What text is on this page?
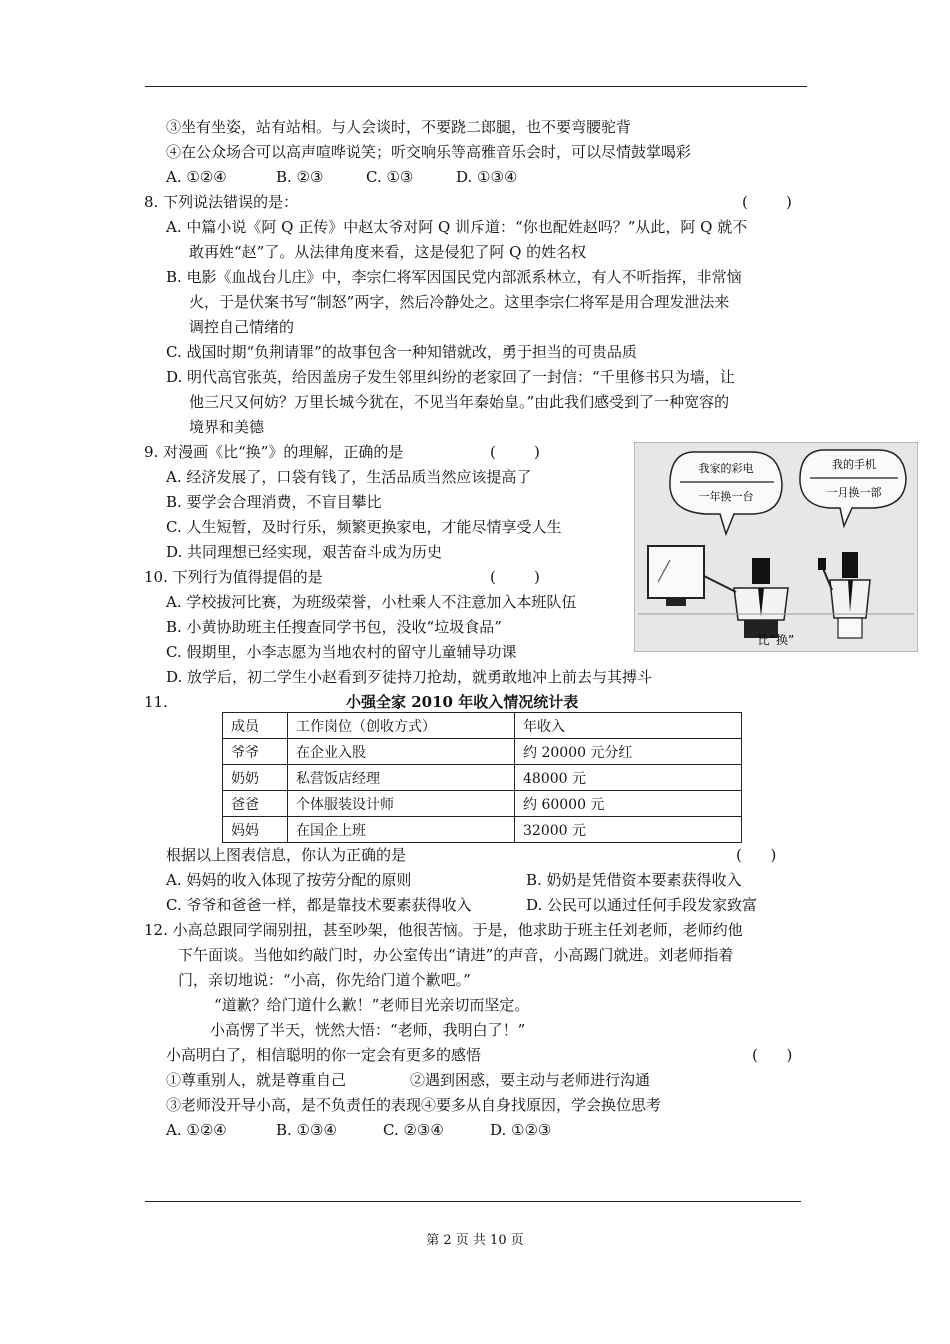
③坐有坐姿，站有站相。与人会谈时，不要跷二郎腿，也不要弯腰驼背
④在公众场合可以高声喧哗说笑；听交响乐等高雅音乐会时，可以尽情鼓掌喝彩
A. ①②④	B. ②③	C. ①③	D. ①③④
8. 下列说法错误的是：	(        )
A. 中篇小说《阿 Q 正传》中赵太爷对阿 Q 训斥道：“你也配姓赵吗？”从此，阿 Q 就不
敢再姓“赵”了。从法律角度来看，这是侵犯了阿 Q 的姓名权
B. 电影《血战台儿庄》中，李宗仁将军因国民党内部派系林立，有人不听指挥，非常恼
火，于是伏案书写“制怒”两字，然后冷静处之。这里李宗仁将军是用合理发泄法来
调控自己情绪的
C. 战国时期“负荆请罪”的故事包含一种知错就改，勇于担当的可贵品质
D. 明代高官张英，给因盖房子发生邻里纠纷的老家回了一封信：“千里修书只为墙，让
他三尺又何妨？万里长城今犹在，不见当年秦始皇。”由此我们感受到了一种宽容的
境界和美德
9. 对漫画《比“换”》的理解，正确的是	(        )
A. 经济发展了，口袋有钱了，生活品质当然应该提高了
B. 要学会合理消费，不盲目攀比
C. 人生短暂，及时行乐，频繁更换家电，才能尽情享受人生
D. 共同理想已经实现，艰苦奋斗成为历史
我家的彩电
一年换一台
我的手机
一月换一部
比“换”
10. 下列行为值得提倡的是	(        )
A. 学校拔河比赛，为班级荣誉，小杜乘人不注意加入本班队伍
B. 小黄协助班主任搜查同学书包，没收“垃圾食品”
C. 假期里，小李志愿为当地农村的留守儿童辅导功课
D. 放学后，初二学生小赵看到歹徒持刀抢劫，就勇敢地冲上前去与其搏斗
11.	小强全家 2010 年收入情况统计表
成员	工作岗位（创收方式）	年收入
爷爷	在企业入股	约 20000 元分红
奶奶	私营饭店经理	48000 元
爸爸	个体服装设计师	约 60000 元
妈妈	在国企上班	32000 元
根据以上图表信息，你认为正确的是	(      )
A. 妈妈的收入体现了按劳分配的原则	B. 奶奶是凭借资本要素获得收入
C. 爷爷和爸爸一样，都是靠技术要素获得收入	D. 公民可以通过任何手段发家致富
12. 小高总跟同学闹别扭，甚至吵架，他很苦恼。于是，他求助于班主任刘老师，老师约他
下午面谈。当他如约敲门时，办公室传出“请进”的声音，小高踢门就进。刘老师指着
门，亲切地说：“小高，你先给门道个歉吧。”
“道歉？给门道什么歉！”老师目光亲切而坚定。
小高愣了半天，恍然大悟：“老师，我明白了！”
小高明白了，相信聪明的你一定会有更多的感悟	(      )
①尊重别人，就是尊重自己	②遇到困惑，要主动与老师进行沟通
③老师没开导小高，是不负责任的表现④要多从自身找原因，学会换位思考
A. ①②④	B. ①③④	C. ②③④	D. ①②③
第 2 页 共 10 页
